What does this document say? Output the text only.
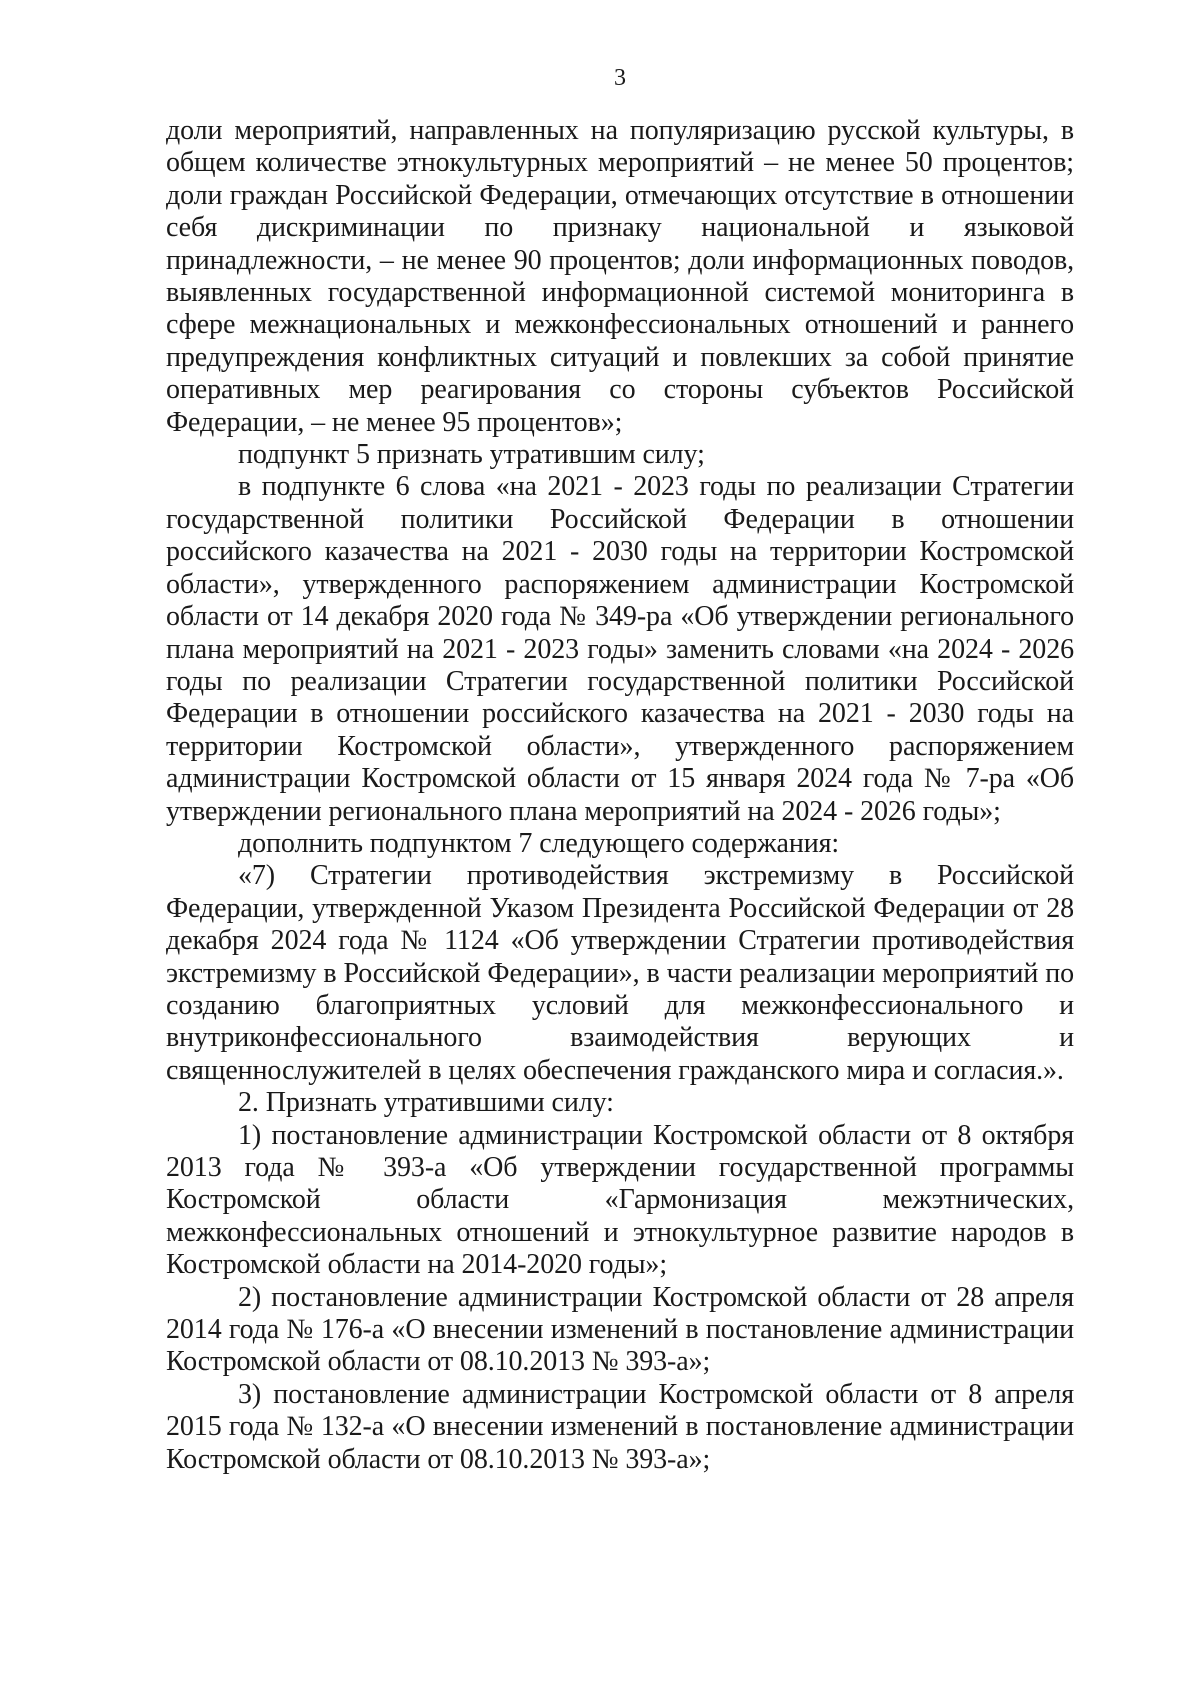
3

доли мероприятий, направленных на популяризацию русской культуры, в общем количестве этнокультурных мероприятий – не менее 50 процентов; доли граждан Российской Федерации, отмечающих отсутствие в отношении себя дискриминации по признаку национальной и языковой принадлежности, – не менее 90 процентов; доли информационных поводов, выявленных государственной информационной системой мониторинга в сфере межнациональных и межконфессиональных отношений и раннего предупреждения конфликтных ситуаций и повлекших за собой принятие оперативных мер реагирования со стороны субъектов Российской Федерации, – не менее 95 процентов»;

подпункт 5 признать утратившим силу;

в подпункте 6 слова «на 2021 - 2023 годы по реализации Стратегии государственной политики Российской Федерации в отношении российского казачества на 2021 - 2030 годы на территории Костромской области», утвержденного распоряжением администрации Костромской области от 14 декабря 2020 года № 349-ра «Об утверждении регионального плана мероприятий на 2021 - 2023 годы» заменить словами «на 2024 - 2026 годы по реализации Стратегии государственной политики Российской Федерации в отношении российского казачества на 2021 - 2030 годы на территории Костромской области», утвержденного распоряжением администрации Костромской области от 15 января 2024 года № 7-ра «Об утверждении регионального плана мероприятий на 2024 - 2026 годы»;

дополнить подпунктом 7 следующего содержания:

«7) Стратегии противодействия экстремизму в Российской Федерации, утвержденной Указом Президента Российской Федерации от 28 декабря 2024 года № 1124 «Об утверждении Стратегии противодействия экстремизму в Российской Федерации», в части реализации мероприятий по созданию благоприятных условий для межконфессионального и внутриконфессионального взаимодействия верующих и священнослужителей в целях обеспечения гражданского мира и согласия.».

2. Признать утратившими силу:

1) постановление администрации Костромской области от 8 октября 2013 года № 393-а «Об утверждении государственной программы Костромской области «Гармонизация межэтнических, межконфессиональных отношений и этнокультурное развитие народов в Костромской области на 2014-2020 годы»;

2) постановление администрации Костромской области от 28 апреля 2014 года № 176-а «О внесении изменений в постановление администрации Костромской области от 08.10.2013 № 393-а»;

3) постановление администрации Костромской области от 8 апреля 2015 года № 132-а «О внесении изменений в постановление администрации Костромской области от 08.10.2013 № 393-а»;
